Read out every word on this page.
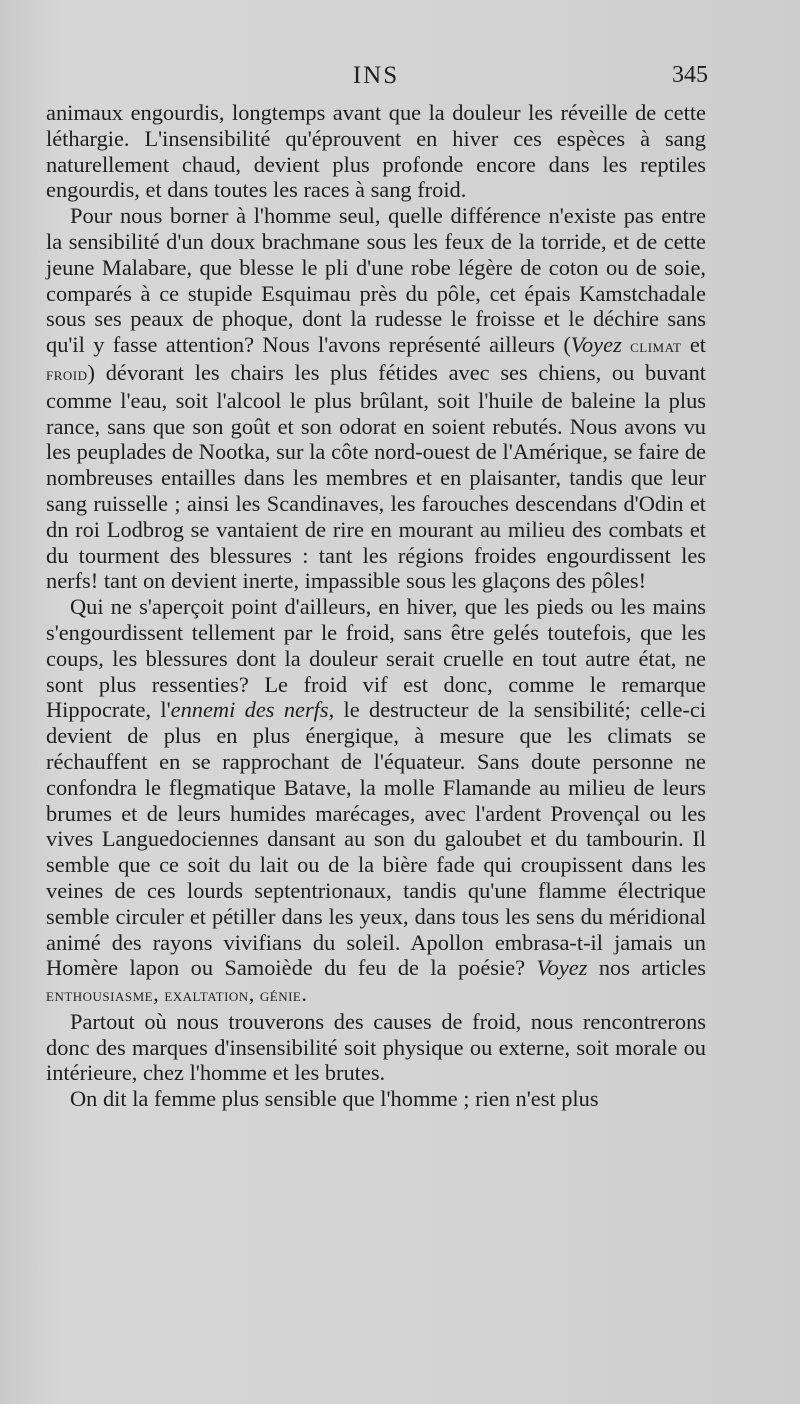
INS	345

animaux engourdis, longtemps avant que la douleur les réveille de cette léthargie. L'insensibilité qu'éprouvent en hiver ces espèces à sang naturellement chaud, devient plus profonde encore dans les reptiles engourdis, et dans toutes les races à sang froid.

Pour nous borner à l'homme seul, quelle différence n'existe pas entre la sensibilité d'un doux brachmane sous les feux de la torride, et de cette jeune Malabare, que blesse le pli d'une robe légère de coton ou de soie, comparés à ce stupide Esquimau près du pôle, cet épais Kamstchadale sous ses peaux de phoque, dont la rudesse le froisse et le déchire sans qu'il y fasse attention? Nous l'avons représenté ailleurs (Voyez climat et froid) dévorant les chairs les plus fétides avec ses chiens, ou buvant comme l'eau, soit l'alcool le plus brûlant, soit l'huile de baleine la plus rance, sans que son goût et son odorat en soient rebutés. Nous avons vu les peuplades de Nootka, sur la côte nord-ouest de l'Amérique, se faire de nombreuses entailles dans les membres et en plaisanter, tandis que leur sang ruisselle ; ainsi les Scandinaves, les farouches descendans d'Odin et dn roi Lodbrog se vantaient de rire en mourant au milieu des combats et du tourment des blessures : tant les régions froides engourdissent les nerfs! tant on devient inerte, impassible sous les glaçons des pôles!

Qui ne s'aperçoit point d'ailleurs, en hiver, que les pieds ou les mains s'engourdissent tellement par le froid, sans être gelés toutefois, que les coups, les blessures dont la douleur serait cruelle en tout autre état, ne sont plus ressenties? Le froid vif est donc, comme le remarque Hippocrate, l'ennemi des nerfs, le destructeur de la sensibilité; celle-ci devient de plus en plus énergique, à mesure que les climats se réchauffent en se rapprochant de l'équateur. Sans doute personne ne confondra le flegmatique Batave, la molle Flamande au milieu de leurs brumes et de leurs humides marécages, avec l'ardent Provençal ou les vives Languedociennes dansant au son du galoubet et du tambourin. Il semble que ce soit du lait ou de la bière fade qui croupissent dans les veines de ces lourds septentrionaux, tandis qu'une flamme électrique semble circuler et pétiller dans les yeux, dans tous les sens du méridional animé des rayons vivifians du soleil. Apollon embrasa-t-il jamais un Homère lapon ou Samoiède du feu de la poésie? Voyez nos articles enthousiasme, exaltation, génie.

Partout où nous trouverons des causes de froid, nous rencontrerons donc des marques d'insensibilité soit physique ou externe, soit morale ou intérieure, chez l'homme et les brutes.

On dit la femme plus sensible que l'homme ; rien n'est plus
